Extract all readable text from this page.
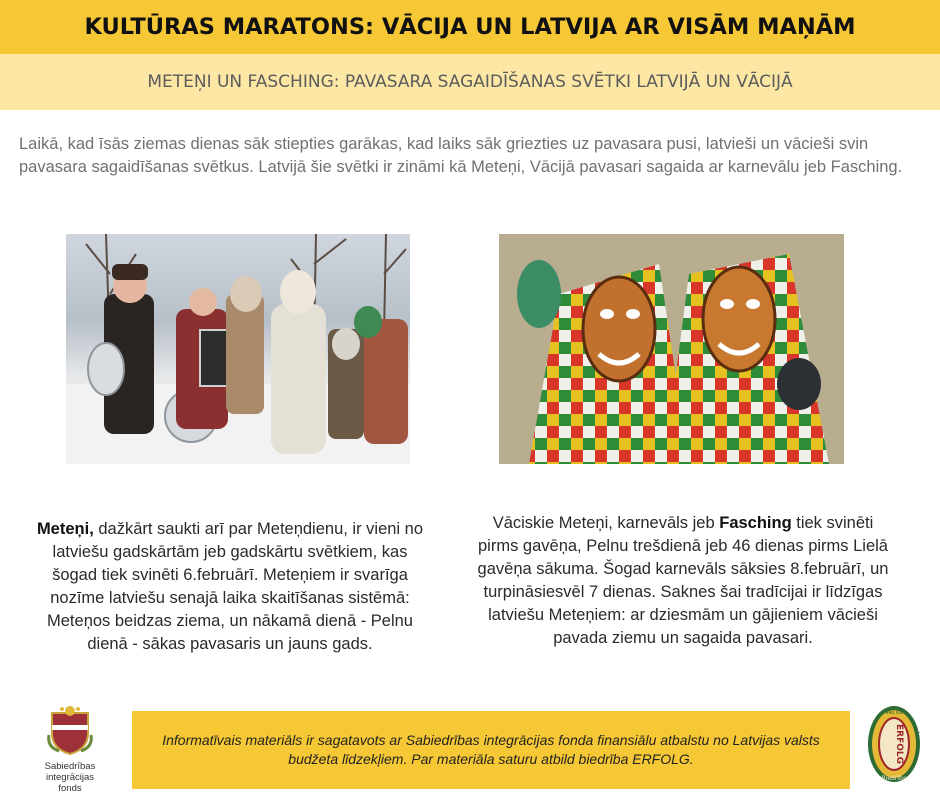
KULTŪRAS MARATONS: VĀCIJA UN LATVIJA AR VISĀM MAŅĀM
METEŅI UN FASCHING: PAVASARA SAGAIDĪŠANAS SVĒTKI LATVIJĀ UN VĀCIJĀ

Laikā, kad īsās ziemas dienas sāk stiepties garākas, kad laiks sāk griezties uz pavasara pusi, latvieši un vācieši svin pavasara sagaidīšanas svētkus. Latvijā šie svētki ir zināmi kā Meteņi, Vācijā pavasari sagaida ar karnevālu jeb Fasching.

Meteņi, dažkārt saukti arī par Meteņdienu, ir vieni no latviešu gadskārtām jeb gadskārtu svētkiem, kas šogad tiek svinēti 6.februārī. Meteņiem ir svarīga nozīme latviešu senajā laika skaitīšanas sistēmā: Meteņos beidzas ziema, un nākamā dienā - Pelnu dienā - sākas pavasaris un jauns gads.

Vāciskie Meteņi, karnevāls jeb Fasching tiek svinēti pirms gavēņa, Pelnu trešdienā jeb 46 dienas pirms Lielā gavēņa sākuma. Šogad karnevāls sāksies 8.februārī, un turpināsiesvēl 7 dienas. Saknes šai tradīcijai ir līdzīgas latviešu Meteņiem: ar dziesmām un gājieniem vācieši pavada ziemu un sagaida pavasari.

Sabiedrības integrācijas
fonds

Informatīvais materiāls ir sagatavots ar Sabiedrības integrācijas fonda finansiālu atbalstu no Latvijas valsts budžeta līdzekļiem. Par materiāla saturu atbild biedrība ERFOLG.

Vecīte
Biedrība
Jaunība
ERFOLG
